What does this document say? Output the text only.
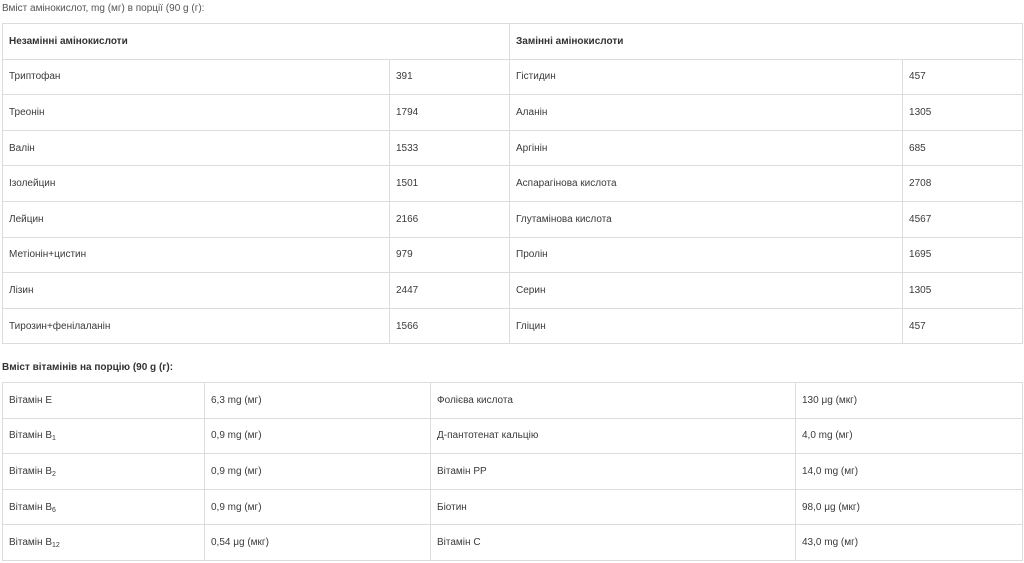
Вміст амінокислот, mg (мг) в порції (90 g (г):
Незамінні амінокислоти		Замінні амінокислоти	
Триптофан	391	Гістидин	457
Треонін	1794	Аланін	1305
Валін	1533	Аргінін	685
Ізолейцин	1501	Аспарагінова кислота	2708
Лейцин	2166	Глутамінова кислота	4567
Метіонін+цистин	979	Пролін	1695
Лізин	2447	Серин	1305
Тирозин+фенілаланін	1566	Гліцин	457
Вміст вітамінів на порцію (90 g (г):
Вітамін Е	6,3 mg (мг)	Фолієва кислота	130 μg (мкг)
Вітамін $В_1$	0,9 mg (мг)	Д-пантотенат кальцію	4,0 mg (мг)
Вітамін $В_2$	0,9 mg (мг)	Вітамін РР	14,0 mg (мг)
Вітамін $В_6$	0,9 mg (мг)	Біотин	98,0 μg (мкг)
Вітамін $В_{12}$	0,54 μg (мкг)	Вітамін С	43,0 mg (мг)
